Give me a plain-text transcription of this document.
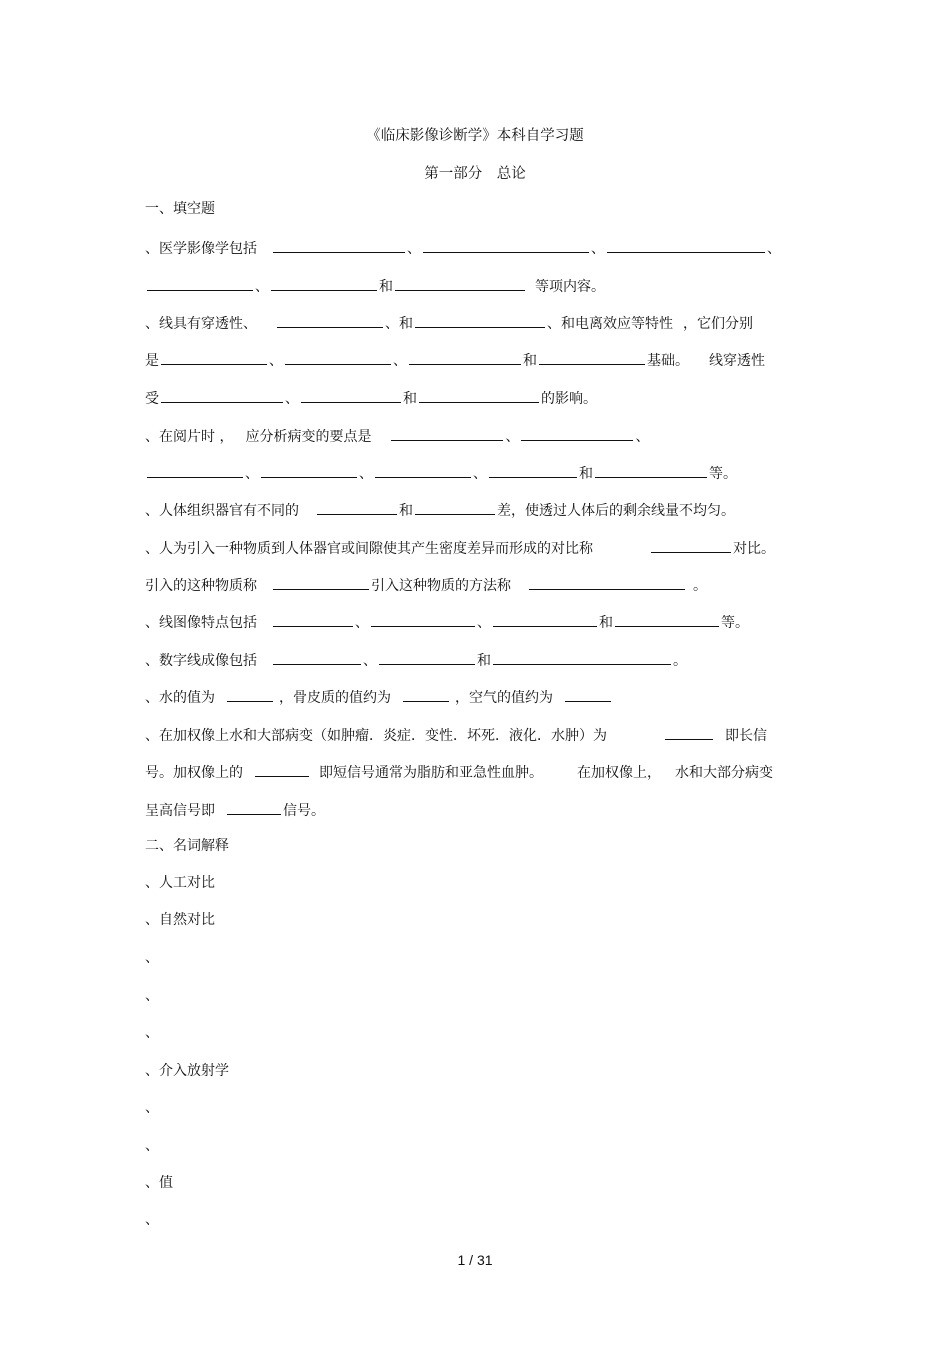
《临床影像诊断学》本科自学习题
第一部分　总论
一、填空题
、医学影像学包括	、	、	、
、	和	等项内容。
、线具有穿透性、	、和	、和电离效应等特性 ，它们分别
是	、	、	和	基础。 线穿透性
受	、	和	的影响。
、在阅片时 ， 应分析病变的要点是	、	、
、	、	、	和	等。
、人体组织器官有不同的	和	差，使透过人体后的剩余线量不均匀。
、人为引入一种物质到人体器官或间隙使其产生密度差异而形成的对比称	对比。
引入的这种物质称	引入这种物质的方法称	。
、线图像特点包括	、	、	和	等。
、数字线成像包括	、	和	。
、水的值为	，骨皮质的值约为	，空气的值约为
、在加权像上水和大部病变（如肿瘤．炎症．变性．坏死．液化．水肿）为	即长信
号。加权像上的	即短信号通常为脂肪和亚急性血肿。 在加权像上， 水和大部分病变
呈高信号即	信号。
二、名词解释
、人工对比
、自然对比
、
、
、
、介入放射学
、
、
、值
、
1 / 31
